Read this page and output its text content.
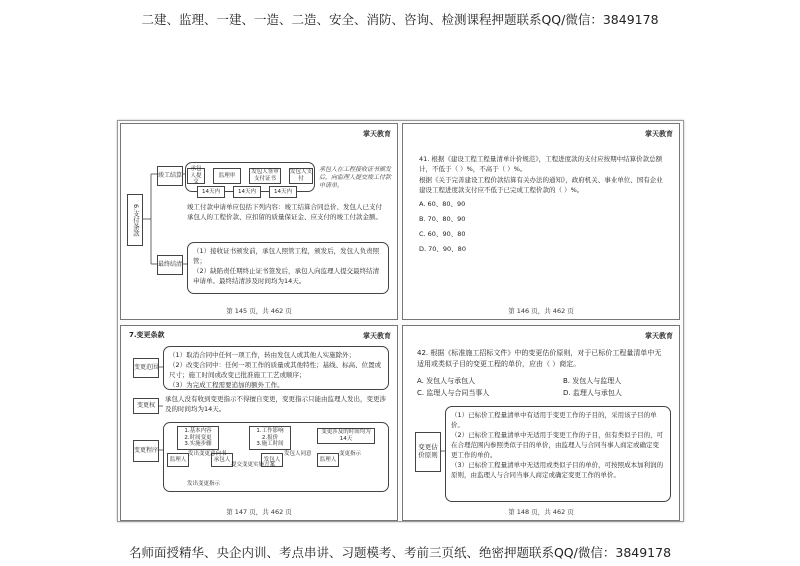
二建、监理、一建、一造、二造、安全、消防、咨询、检测课程押题联系QQ/微信：3849178
掌天教育
6.支付条款
竣工结算
最终结清
承包人提交
监理审
发包人签审支付证书
发包人支付
14天内	14天内	14天内
承包人在工程接收证书颁发后，向监理人提交竣工付款申请单。
竣工付款申请单应包括下列内容：竣工结算合同总价、发包人已支付承包人的工程价款、应扣留的质量保证金、应支付的竣工付款金额。
（1）接收证书颁发前，承包人照管工程，颁发后，发包人负责照管；
（2）缺陷责任期终止证书签发后，承包人向监理人提交最终结清申请单。最终结清涉及时间均为14天。
第 145 页，共 462 页
掌天教育
41. 根据《建设工程工程量清单计价规范》，工程进度款的支付应按期中结算价款总额计，不低于（ ）%，不高于（ ）%。
根据《关于完善建设工程价款结算有关办法的通知》，政府机关、事业单位、国有企业建设工程进度款支付应不低于已完成工程价款的（ ）%。
A. 60、80、90
B. 70、80、90
C. 60、90、80
D. 70、90、80
第 146 页，共 462 页
7.变更条款	掌天教育
变更范围
变更权
变更程序
（1）取消合同中任何一项工作，转由发包人或其他人实施除外；
（2）改变合同中：任何一项工作的质量或其他特性；基线、标高、位置或尺寸；施工时间或改变已批准施工工艺或顺序；
（3）为完成工程需要追加的额外工作。
承包人没有收到变更指示不得擅自变更，变更指示只能由监理人发出，变更涉及的时间均为14天。
1.基本内容
2.时间变更
3.实施步骤
1.工作影响
2.报价
3.施工时间
变更涉及的时间均为14天
监理人	承包人	发包人	监理人
发出变更意向书
提交变更实施方案
发包人同意	变更指示
发出变更指示
第 147 页，共 462 页
掌天教育
42. 根据《标准施工招标文件》中的变更估价原则，对于已标价工程量清单中无适用或类似子目的变更工程的单价，应由（ ）商定。
A. 发包人与承包人	B. 发包人与监理人
C. 监理人与合同当事人	D. 监理人与承包人
变更估价原则
（1）已标价工程量清单中有适用于变更工作的子目的，采用该子目的单价。
（2）已标价工程量清单中无适用于变更工作的子目，但有类似子目的，可在合理范围内参照类似子目的单价，由监理人与合同当事人商定或确定变更工作的单价。
（3）已标价工程量清单中无适用或类似子目的单价，可按照成本加利润的原则，由监理人与合同当事人商定或确定变更工作的单价。
第 148 页，共 462 页
名师面授精华、央企内训、考点串讲、习题模考、考前三页纸、绝密押题联系QQ/微信：3849178
